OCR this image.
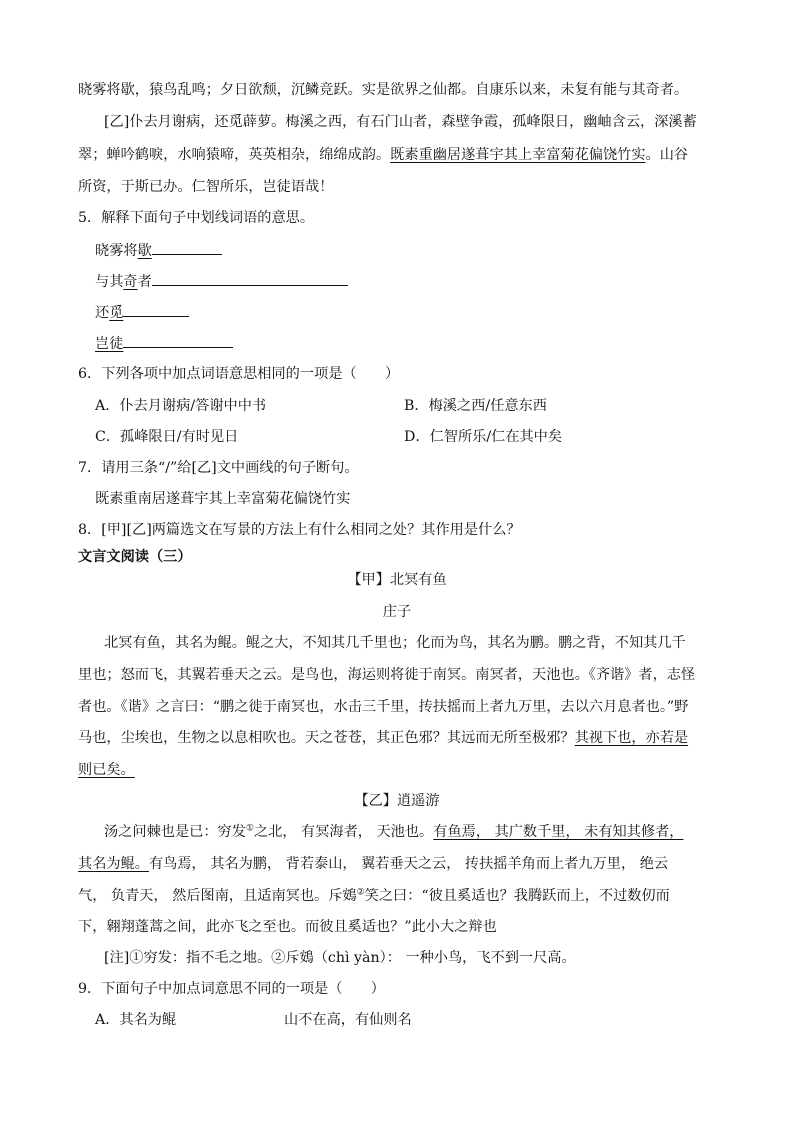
晓雾将歇，猿鸟乱鸣；夕日欲颓，沉鳞竞跃。实是欲界之仙都。自康乐以来，未复有能与其奇者。
[乙]仆去月谢病，还觅薜萝。梅溪之西，有石门山者，森壁争霞，孤峰限日，幽岫含云，深溪蓄
翠；蝉吟鹤唳，水响猿啼，英英相杂，绵绵成韵。既素重幽居遂葺宇其上幸富菊花偏饶竹实。山谷
所资，于斯已办。仁智所乐，岂徒语哉！
5．解释下面句子中划线词语的意思。
晓雾将歇
与其奇者
还觅
岂徒
6．下列各项中加点词语意思相同的一项是（　　）
A．仆去月谢病/答谢中中书	B．梅溪之西/任意东西
C．孤峰限日/有时见日	D．仁智所乐/仁在其中矣
7．请用三条“/”给[乙]文中画线的句子断句。
既素重南居遂葺宇其上幸富菊花偏饶竹实
8．[甲][乙]两篇选文在写景的方法上有什么相同之处？其作用是什么？
文言文阅读（三）
【甲】北冥有鱼
庄子
北冥有鱼，其名为鲲。鲲之大，不知其几千里也；化而为鸟，其名为鹏。鹏之背，不知其几千
里也；怒而飞，其翼若垂天之云。是鸟也，海运则将徙于南冥。南冥者，天池也。《齐谐》者，志怪
者也。《谐》之言曰：“鹏之徙于南冥也，水击三千里，抟扶摇而上者九万里，去以六月息者也。”野
马也，尘埃也，生物之以息相吹也。天之苍苍，其正色邪？其远而无所至极邪？其视下也，亦若是
则已矣。
【乙】逍遥游
汤之问棘也是已：穷发①之北， 有冥海者， 天池也。有鱼焉， 其广数千里， 未有知其修者，
其名为鲲。有鸟焉， 其名为鹏， 背若泰山， 翼若垂天之云， 抟扶摇羊角而上者九万里， 绝云
气， 负青天， 然后图南，且适南冥也。斥鴳②笑之曰：“彼且奚适也？我腾跃而上，不过数仞而
下，翱翔蓬蒿之间，此亦飞之至也。而彼且奚适也？”此小大之辩也
[注]①穷发：指不毛之地。②斥鴳（chì yàn）： 一种小鸟，飞不到一尺高。
9．下面句子中加点词意思不同的一项是（　　）
A．其名为鲲	山不在高，有仙则名
